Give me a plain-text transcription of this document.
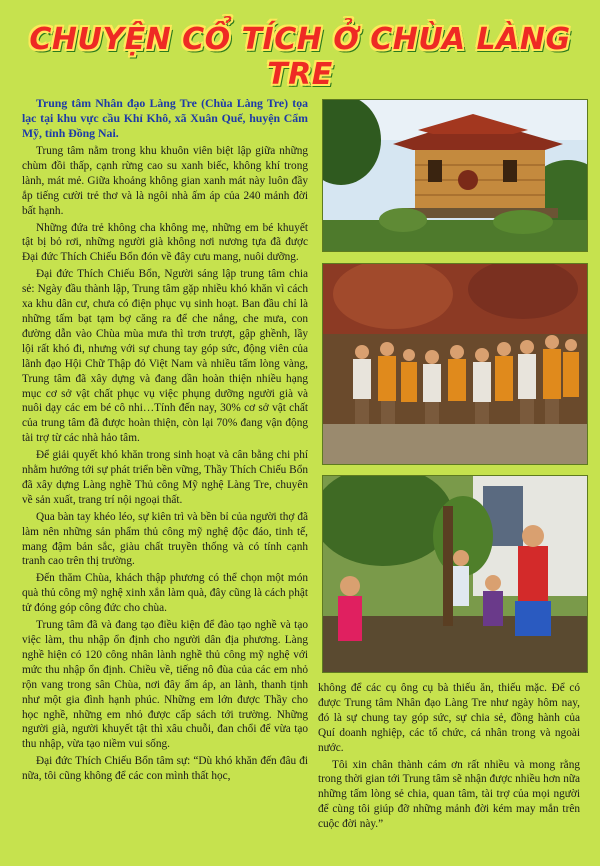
CHUYỆN CỔ TÍCH Ở CHÙA LÀNG TRE

Trung tâm Nhân đạo Làng Tre (Chùa Làng Tre) tọa lạc tại khu vực cầu Khỉ Khô, xã Xuân Quế, huyện Cẩm Mỹ, tỉnh Đồng Nai.

Trung tâm nằm trong khu khuôn viên biệt lập giữa những chùm đồi thấp, cạnh rừng cao su xanh biếc, không khí trong lành, mát mẻ. Giữa khoảng không gian xanh mát này luôn đầy ắp tiếng cười trẻ thơ và là ngôi nhà ấm áp của 240 mảnh đời bất hạnh.

Những đứa trẻ không cha không mẹ, những em bé khuyết tật bị bỏ rơi, những người già không nơi nương tựa đã được Đại đức Thích Chiếu Bổn đón về đây cưu mang, nuôi dưỡng.

Đại đức Thích Chiếu Bổn, Người sáng lập trung tâm chia sẻ: Ngày đầu thành lập, Trung tâm gặp nhiều khó khăn vì cách xa khu dân cư, chưa có điện phục vụ sinh hoạt. Ban đầu chỉ là những tấm bạt tạm bợ căng ra để che nắng, che mưa, con đường dẫn vào Chùa mùa mưa thì trơn trượt, gập ghềnh, lầy lội rất khó đi, nhưng với sự chung tay góp sức, động viên của lãnh đạo Hội Chữ Thập đỏ Việt Nam và nhiều tấm lòng vàng, Trung tâm đã xây dựng và đang dần hoàn thiện nhiều hạng mục cơ sở vật chất phục vụ việc phụng dưỡng người già và nuôi dạy các em bé cô nhi…Tính đến nay, 30% cơ sở vật chất của trung tâm đã được hoàn thiện, còn lại 70% đang vận động tài trợ từ các nhà hảo tâm.

Để giải quyết khó khăn trong sinh hoạt và cân bằng chi phí nhằm hướng tới sự phát triển bền vững, Thầy Thích Chiếu Bổn đã xây dựng Làng nghề Thủ công Mỹ nghệ Làng Tre, chuyên về sản xuất, trang trí nội ngoại thất.

Qua bàn tay khéo léo, sự kiên trì và bền bỉ của người thợ đã làm nên những sản phẩm thủ công mỹ nghệ độc đáo, tinh tế, mang đậm bản sắc, giàu chất truyền thống và có tính cạnh tranh cao trên thị trường.

Đến thăm Chùa, khách thập phương có thể chọn một món quà thủ công mỹ nghệ xinh xắn làm quà, đây cũng là cách phật tử đóng góp công đức cho chùa.

Trung tâm đã và đang tạo điều kiện để đào tạo nghề và tạo việc làm, thu nhập ổn định cho người dân địa phương. Làng nghề hiện có 120 công nhân lành nghề thủ công mỹ nghệ với mức thu nhập ổn định. Chiều về, tiếng nô đùa của các em nhỏ rộn vang trong sân Chùa, nơi đây ấm áp, an lành, thanh tịnh như một gia đình hạnh phúc. Những em lớn được Thầy cho học nghề, những em nhỏ được cấp sách tới trường. Những người già, người khuyết tật thì xâu chuỗi, đan chổi để vừa tạo thu nhập, vừa tạo niềm vui sống.

Đại đức Thích Chiếu Bổn tâm sự: “Dù khó khăn đến đâu đi nữa, tôi cũng không để các con mình thất học,

không để các cụ ông cụ bà thiếu ăn, thiếu mặc. Để có được Trung tâm Nhân đạo Làng Tre như ngày hôm nay, đó là sự chung tay góp sức, sự chia sẻ, đồng hành của Quí doanh nghiệp, các tổ chức, cá nhân trong và ngoài nước.

Tôi xin chân thành cám ơn rất nhiều và mong rằng trong thời gian tới Trung tâm sẽ nhận được nhiều hơn nữa những tấm lòng sẻ chia, quan tâm, tài trợ của mọi người để cùng tôi giúp đỡ những mảnh đời kém may mắn trên cuộc đời này.”
